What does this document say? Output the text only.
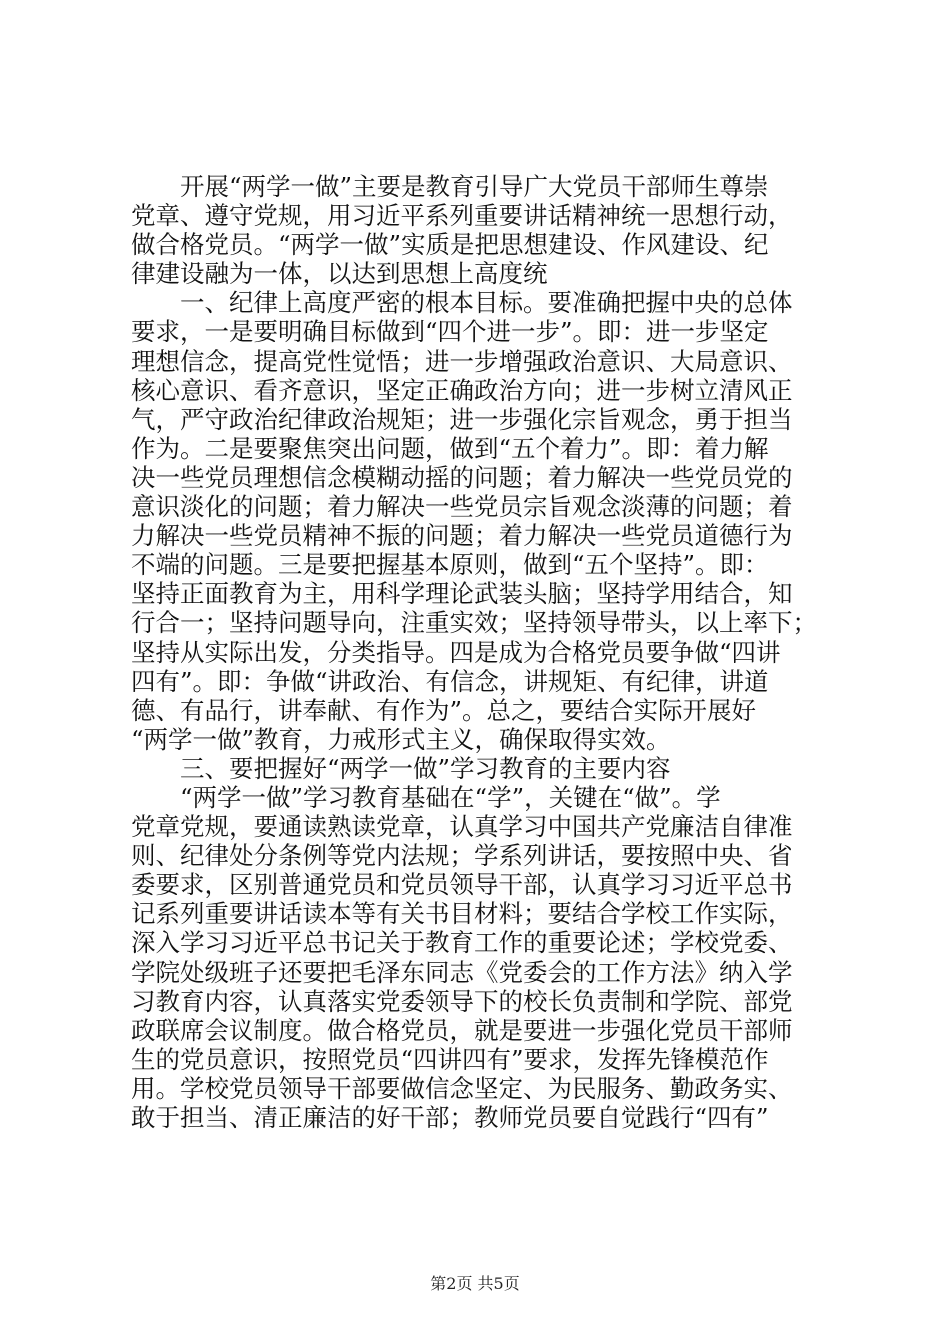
开展“两学一做”主要是教育引导广大党员干部师生尊崇
党章、遵守党规，用习近平系列重要讲话精神统一思想行动，
做合格党员。“两学一做”实质是把思想建设、作风建设、纪
律建设融为一体，以达到思想上高度统
一、纪律上高度严密的根本目标。要准确把握中央的总体
要求，一是要明确目标做到“四个进一步”。即：进一步坚定
理想信念，提高党性觉悟；进一步增强政治意识、大局意识、
核心意识、看齐意识，坚定正确政治方向；进一步树立清风正
气，严守政治纪律政治规矩；进一步强化宗旨观念，勇于担当
作为。二是要聚焦突出问题，做到“五个着力”。即：着力解
决一些党员理想信念模糊动摇的问题；着力解决一些党员党的
意识淡化的问题；着力解决一些党员宗旨观念淡薄的问题；着
力解决一些党员精神不振的问题；着力解决一些党员道德行为
不端的问题。三是要把握基本原则，做到“五个坚持”。即：
坚持正面教育为主，用科学理论武装头脑；坚持学用结合，知
行合一；坚持问题导向，注重实效；坚持领导带头，以上率下；
坚持从实际出发，分类指导。四是成为合格党员要争做“四讲
四有”。即：争做“讲政治、有信念，讲规矩、有纪律，讲道
德、有品行，讲奉献、有作为”。总之，要结合实际开展好
“两学一做”教育，力戒形式主义，确保取得实效。
三、要把握好“两学一做”学习教育的主要内容
“两学一做”学习教育基础在“学”，关键在“做”。学
党章党规，要通读熟读党章，认真学习中国共产党廉洁自律准
则、纪律处分条例等党内法规；学系列讲话，要按照中央、省
委要求，区别普通党员和党员领导干部，认真学习习近平总书
记系列重要讲话读本等有关书目材料；要结合学校工作实际，
深入学习习近平总书记关于教育工作的重要论述；学校党委、
学院处级班子还要把毛泽东同志《党委会的工作方法》纳入学
习教育内容，认真落实党委领导下的校长负责制和学院、部党
政联席会议制度。做合格党员，就是要进一步强化党员干部师
生的党员意识，按照党员“四讲四有”要求，发挥先锋模范作
用。学校党员领导干部要做信念坚定、为民服务、勤政务实、
敢于担当、清正廉洁的好干部；教师党员要自觉践行“四有”
第2页 共5页
